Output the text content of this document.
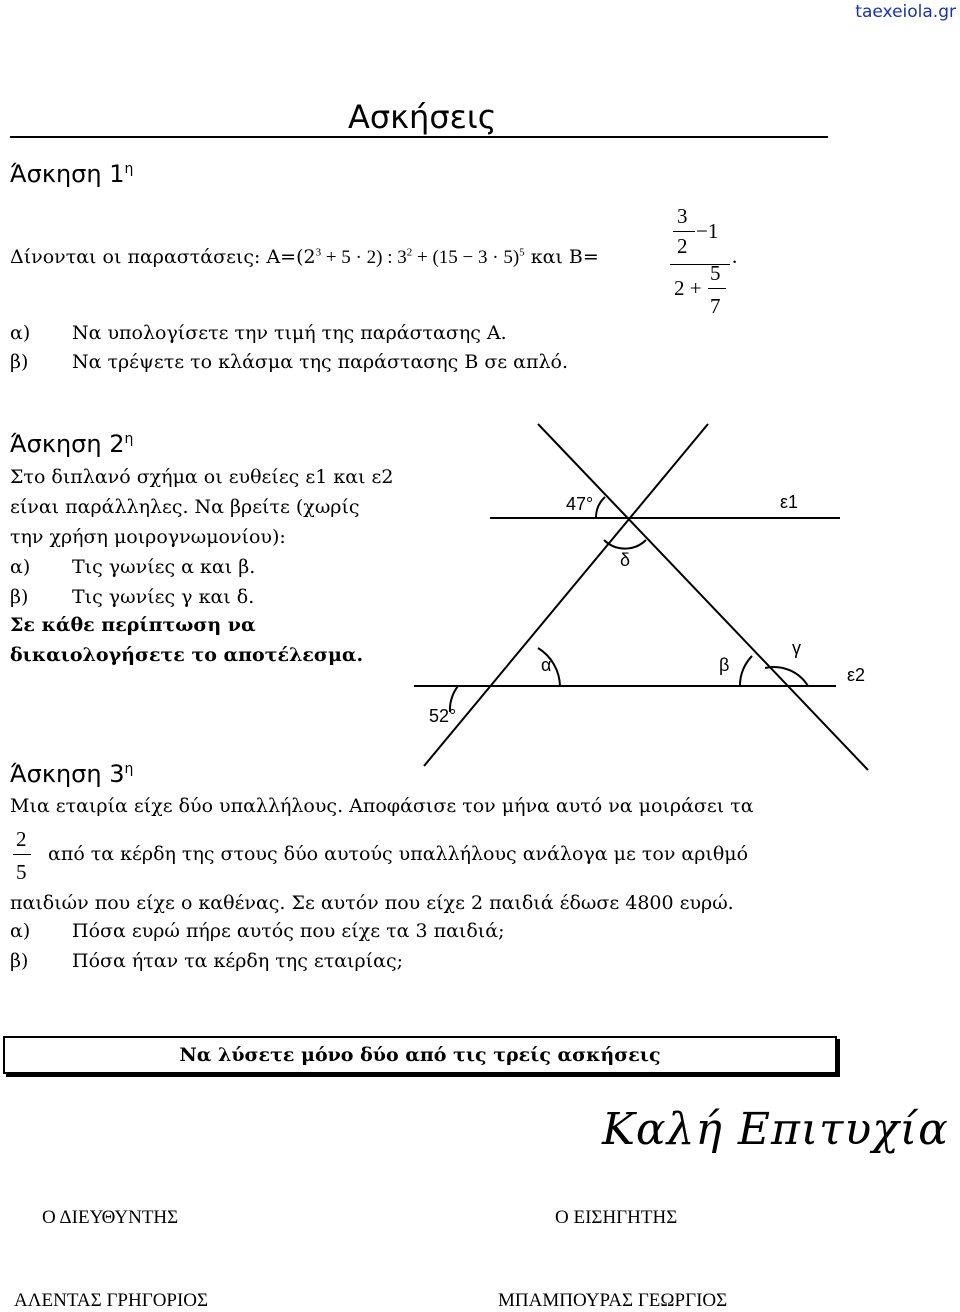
taexeiola.gr
Ασκήσεις
Άσκηση $1^\eta$
Δίνονται οι παραστάσεις: $A=(2^3 + 5 \cdot 2)$ : $3^2 + (15 - 3 \cdot 5)^5$ και Β=
3
2
−1
2 +
5
7
.
α) Να υπολογίσετε την τιμή της παράστασης Α.
β) Να τρέψετε το κλάσμα της παράστασης Β σε απλό.
Άσκηση $2^\eta$
Στο διπλανό σχήμα οι ευθείες ε1 και ε2
είναι παράλληλες. Να βρείτε (χωρίς
την χρήση μοιρογνωμονίου):
α) Τις γωνίες α και β.
β) Τις γωνίες γ και δ.
Σε κάθε περίπτωση να
δικαιολογήσετε το αποτέλεσμα.
47°	ε1
δ
γ
α	β	ε2
52°
Άσκηση $3^\eta$
Μια εταιρία είχε δύο υπαλλήλους. Αποφάσισε τον μήνα αυτό να μοιράσει τα
2
5
από τα κέρδη της στους δύο αυτούς υπαλλήλους ανάλογα με τον αριθμό
παιδιών που είχε ο καθένας. Σε αυτόν που είχε 2 παιδιά έδωσε 4800 ευρώ.
α) Πόσα ευρώ πήρε αυτός που είχε τα 3 παιδιά;
β) Πόσα ήταν τα κέρδη της εταιρίας;
Να λύσετε μόνο δύο από τις τρείς ασκήσεις
Καλή Επιτυχία
Ο ΔΙΕΥΘΥΝΤΗΣ	Ο ΕΙΣΗΓΗΤΗΣ
ΑΛΕΝΤΑΣ ΓΡΗΓΟΡΙΟΣ	ΜΠΑΜΠΟΥΡΑΣ ΓΕΩΡΓΙΟΣ
